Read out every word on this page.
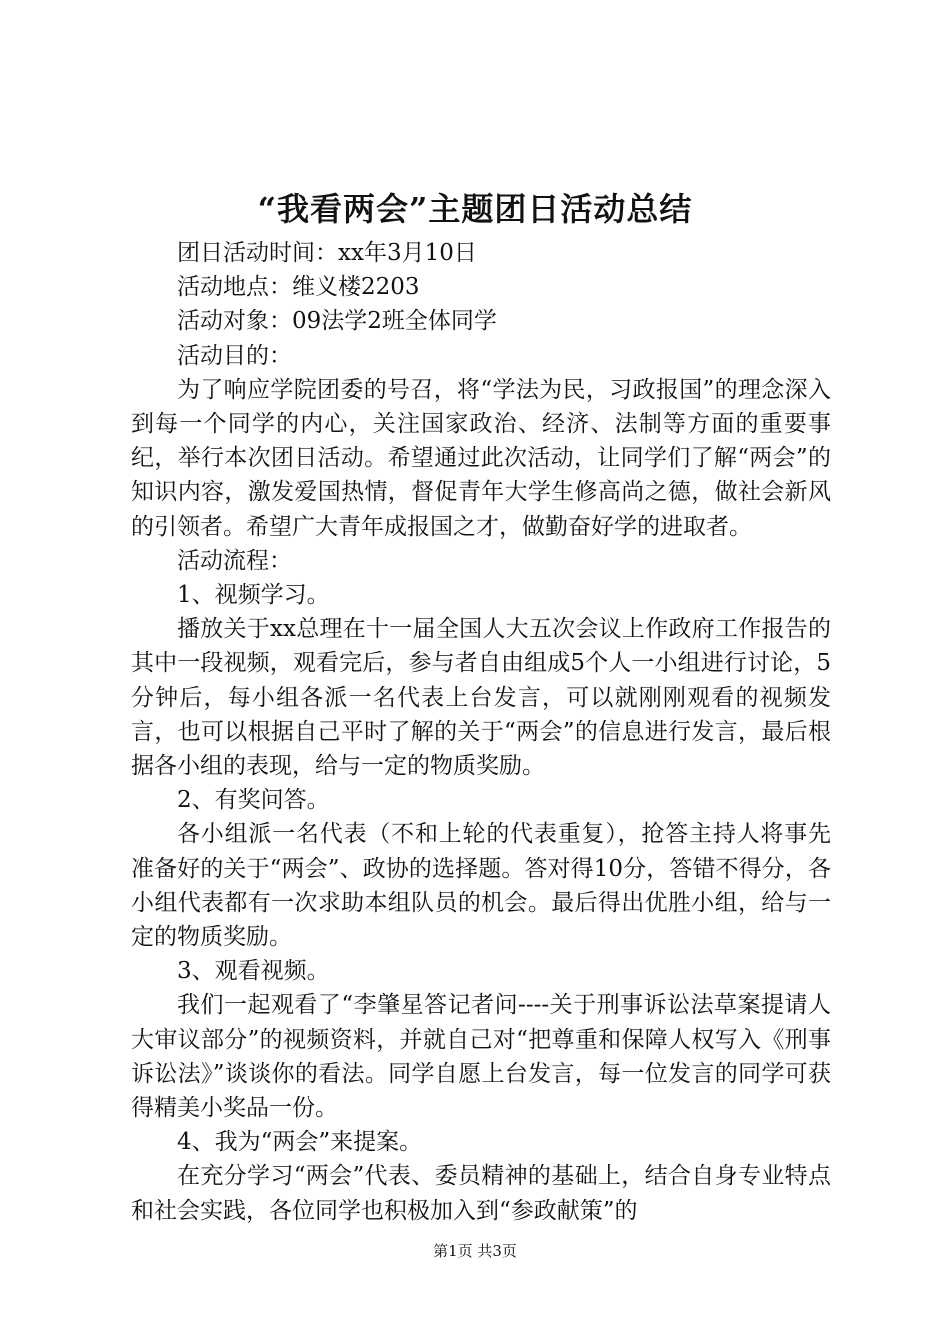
“我看两会”主题团日活动总结

团日活动时间：xx年3月10日

活动地点：维义楼2203

活动对象：09法学2班全体同学

活动目的：

为了响应学院团委的号召，将“学法为民，习政报国”的理念深入到每一个同学的内心，关注国家政治、经济、法制等方面的重要事纪，举行本次团日活动。希望通过此次活动，让同学们了解“两会”的知识内容，激发爱国热情，督促青年大学生修高尚之德，做社会新风的引领者。希望广大青年成报国之才，做勤奋好学的进取者。

活动流程：

1、视频学习。

播放关于xx总理在十一届全国人大五次会议上作政府工作报告的其中一段视频，观看完后，参与者自由组成5个人一小组进行讨论，5分钟后，每小组各派一名代表上台发言，可以就刚刚观看的视频发言，也可以根据自己平时了解的关于“两会”的信息进行发言，最后根据各小组的表现，给与一定的物质奖励。

2、有奖问答。

各小组派一名代表（不和上轮的代表重复），抢答主持人将事先准备好的关于“两会”、政协的选择题。答对得10分，答错不得分，各小组代表都有一次求助本组队员的机会。最后得出优胜小组，给与一定的物质奖励。

3、观看视频。

我们一起观看了“李肇星答记者问----关于刑事诉讼法草案提请人大审议部分”的视频资料，并就自己对“把尊重和保障人权写入《刑事诉讼法》”谈谈你的看法。同学自愿上台发言，每一位发言的同学可获得精美小奖品一份。

4、我为“两会”来提案。

在充分学习“两会”代表、委员精神的基础上，结合自身专业特点和社会实践，各位同学也积极加入到“参政献策”的

第1页 共3页
